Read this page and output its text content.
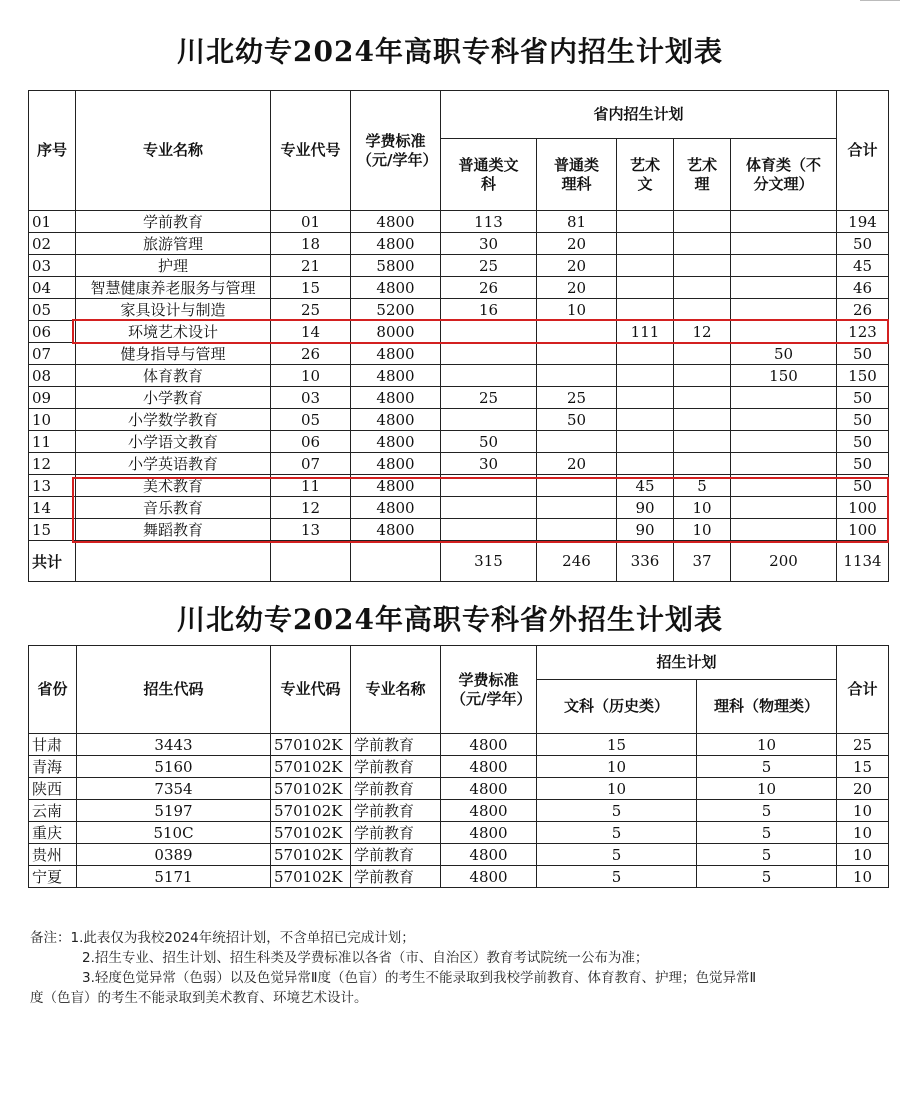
川北幼专2024年高职专科省内招生计划表
序号	专业名称	专业代号	学费标准（元/学年）	省内招生计划					合计
				普通类文科	普通类理科	艺术文	艺术理	体育类（不分文理）	
01	学前教育	01	4800	113	81				194
02	旅游管理	18	4800	30	20				50
03	护理	21	5800	25	20				45
04	智慧健康养老服务与管理	15	4800	26	20				46
05	家具设计与制造	25	5200	16	10				26
06	环境艺术设计	14	8000			111	12		123
07	健身指导与管理	26	4800					50	50
08	体育教育	10	4800					150	150
09	小学教育	03	4800	25	25				50
10	小学数学教育	05	4800		50				50
11	小学语文教育	06	4800	50					50
12	小学英语教育	07	4800	30	20				50
13	美术教育	11	4800			45	5		50
14	音乐教育	12	4800			90	10		100
15	舞蹈教育	13	4800			90	10		100
共计				315	246	336	37	200	1134
川北幼专2024年高职专科省外招生计划表
省份	招生代码	专业代码	专业名称	学费标准（元/学年）	招生计划		合计
					文科（历史类）	理科（物理类）	
甘肃	3443	570102K	学前教育	4800	15	10	25
青海	5160	570102K	学前教育	4800	10	5	15
陕西	7354	570102K	学前教育	4800	10	10	20
云南	5197	570102K	学前教育	4800	5	5	10
重庆	510C	570102K	学前教育	4800	5	5	10
贵州	0389	570102K	学前教育	4800	5	5	10
宁夏	5171	570102K	学前教育	4800	5	5	10
备注：1.此表仅为我校2024年统招计划，不含单招已完成计划；
2.招生专业、招生计划、招生科类及学费标准以各省（市、自治区）教育考试院统一公布为准；
3.轻度色觉异常（色弱）以及色觉异常Ⅱ度（色盲）的考生不能录取到我校学前教育、体育教育、护理；色觉异常Ⅱ
度（色盲）的考生不能录取到美术教育、环境艺术设计。
